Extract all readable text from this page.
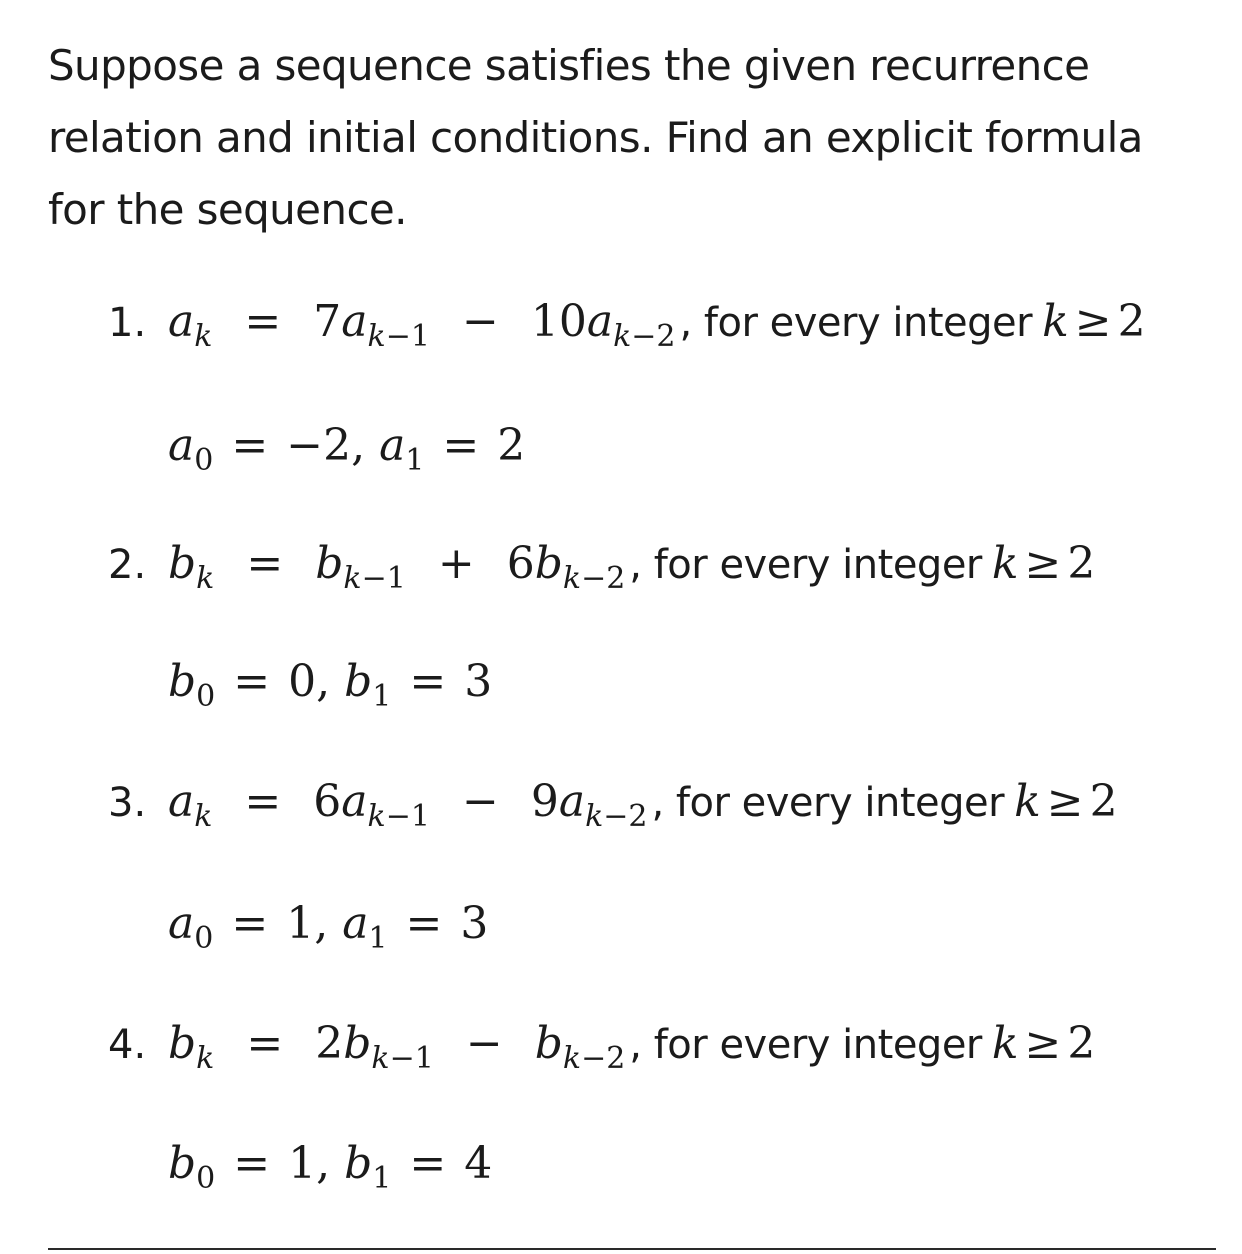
Suppose a sequence satisfies the given recurrence relation and initial conditions. Find an explicit formula for the sequence.
1. $a_k = 7a_{k-1} - 10a_{k-2}$ , for every integer k ≥ 2
$a_0 = -2$, $a_1 = 2$
2. $b_k = b_{k-1} + 6b_{k-2}$ , for every integer k ≥ 2
$b_0 = 0$, $b_1 = 3$
3. $a_k = 6a_{k-1} - 9a_{k-2}$ , for every integer k ≥ 2
$a_0 = 1$, $a_1 = 3$
4. $b_k = 2b_{k-1} - b_{k-2}$ , for every integer k ≥ 2
$b_0 = 1$, $b_1 = 4$
